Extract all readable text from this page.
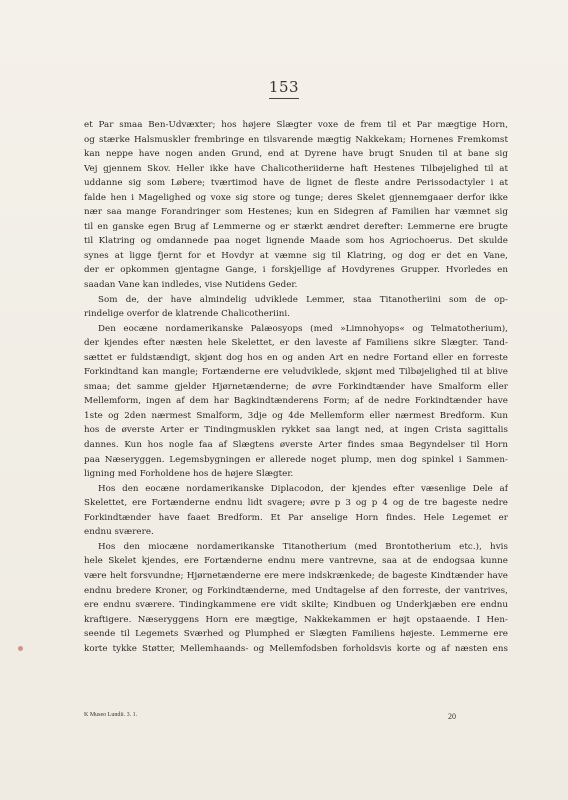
153
et Par smaa Ben-Udvæxter; hos højere Slægter voxe de frem til et Par mægtige Horn,
og stærke Halsmuskler frembringe en tilsvarende mægtig Nakkekam; Hornenes Fremkomst
kan neppe have nogen anden Grund, end at Dyrene have brugt Snuden til at bane sig
Vej gjennem Skov. Heller ikke have Chalicotheriiderne haft Hestenes Tilbøjelighed til at
uddanne sig som Løbere; tværtimod have de lignet de fleste andre Perissodactyler i at
falde hen i Magelighed og voxe sig store og tunge; deres Skelet gjennemgaaer derfor ikke
nær saa mange Forandringer som Hestenes; kun en Sidegren af Familien har væmnet sig
til en ganske egen Brug af Lemmerne og er stærkt ændret derefter: Lemmerne ere brugte
til Klatring og omdannede paa noget lignende Maade som hos Agriochoerus. Det skulde
synes at ligge fjernt for et Hovdyr at væmne sig til Klatring, og dog er det en Vane,
der er opkommen gjentagne Gange, i forskjellige af Hovdyrenes Grupper. Hvorledes en
saadan Vane kan indledes, vise Nutidens Geder.
Som de, der have almindelig udviklede Lemmer, staa Titanotheriini som de op-
rindelige overfor de klatrende Chalicotheriini.
Den eocæne nordamerikanske Palæosyops (med »Limnohyops« og Telmatotherium),
der kjendes efter næsten hele Skelettet, er den laveste af Familiens sikre Slægter. Tand-
sættet er fuldstændigt, skjønt dog hos en og anden Art en nedre Fortand eller en forreste
Forkindtand kan mangle; Fortænderne ere veludviklede, skjønt med Tilbøjelighed til at blive
smaa; det samme gjelder Hjørnetænderne; de øvre Forkindtænder have Smalform eller
Mellemform, ingen af dem har Bagkindtænderens Form; af de nedre Forkindtænder have
1ste og 2den nærmest Smalform, 3dje og 4de Mellemform eller nærmest Bredform. Kun
hos de øverste Arter er Tindingmusklen rykket saa langt ned, at ingen Crista sagittalis
dannes. Kun hos nogle faa af Slægtens øverste Arter findes smaa Begyndelser til Horn
paa Næseryggen. Legemsbygningen er allerede noget plump, men dog spinkel i Sammen-
ligning med Forholdene hos de højere Slægter.
Hos den eocæne nordamerikanske Diplacodon, der kjendes efter væsenlige Dele af
Skelettet, ere Fortænderne endnu lidt svagere; øvre p 3 og p 4 og de tre bageste nedre
Forkindtænder have faaet Bredform. Et Par anselige Horn findes. Hele Legemet er
endnu sværere.
Hos den miocæne nordamerikanske Titanotherium (med Brontotherium etc.), hvis
hele Skelet kjendes, ere Fortænderne endnu mere vantrevne, saa at de endogsaa kunne
være helt forsvundne; Hjørnetænderne ere mere indskrænkede; de bageste Kindtænder have
endnu bredere Kroner, og Forkindtænderne, med Undtagelse af den forreste, der vantrives,
ere endnu sværere. Tindingkammene ere vidt skilte; Kindbuen og Underkjæben ere endnu
kraftigere. Næseryggens Horn ere mægtige, Nakkekammen er højt opstaaende. I Hen-
seende til Legemets Sværhed og Plumphed er Slægten Familiens højeste. Lemmerne ere
korte tykke Støtter, Mellemhaands- og Mellemfodsben forholdsvis korte og af næsten ens
K Museo Lundii. 3. 1.	20
